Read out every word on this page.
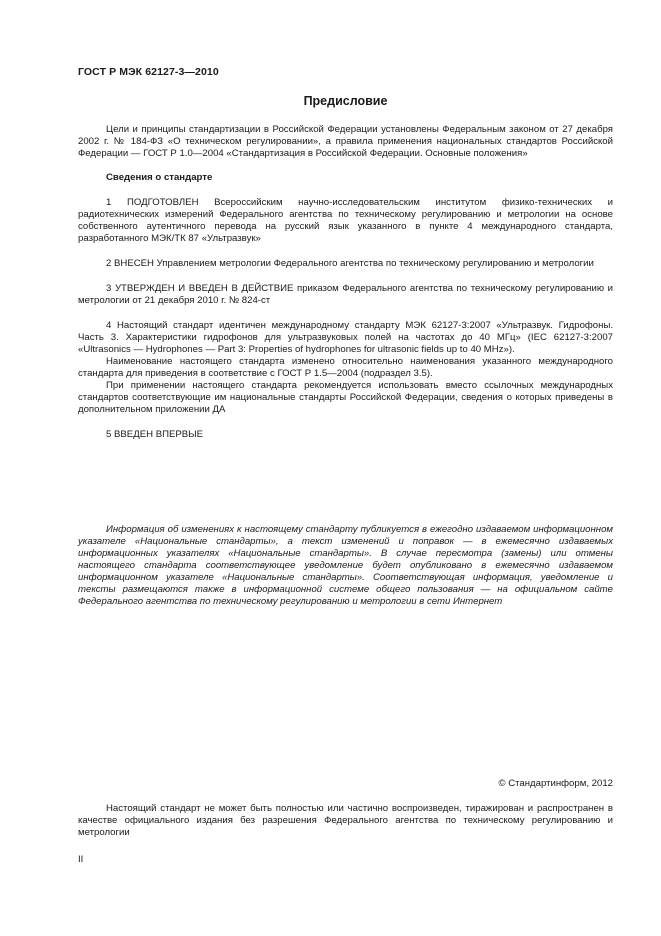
ГОСТ Р МЭК 62127-3—2010
Предисловие

Цели и принципы стандартизации в Российской Федерации установлены Федеральным законом от 27 декабря 2002 г. № 184-ФЗ «О техническом регулировании», а правила применения национальных стандартов Российской Федерации — ГОСТ Р 1.0—2004 «Стандартизация в Российской Федерации. Основные положения»

Сведения о стандарте

1 ПОДГОТОВЛЕН Всероссийским научно-исследовательским институтом физико-технических и радиотехнических измерений Федерального агентства по техническому регулированию и метрологии на основе собственного аутентичного перевода на русский язык указанного в пункте 4 международного стандарта, разработанного МЭК/ТК 87 «Ультразвук»

2 ВНЕСЕН Управлением метрологии Федерального агентства по техническому регулированию и метрологии

3 УТВЕРЖДЕН И ВВЕДЕН В ДЕЙСТВИЕ приказом Федерального агентства по техническому регулированию и метрологии от 21 декабря 2010 г. № 824-ст

4 Настоящий стандарт идентичен международному стандарту МЭК 62127-3:2007 «Ультразвук. Гидрофоны. Часть 3. Характеристики гидрофонов для ультразвуковых полей на частотах до 40 МГц» (IEC 62127-3:2007 «Ultrasonics — Hydrophones — Part 3: Properties of hydrophones for ultrasonic fields up to 40 MHz»).

Наименование настоящего стандарта изменено относительно наименования указанного международного стандарта для приведения в соответствие с ГОСТ Р 1.5—2004 (подраздел 3.5).

При применении настоящего стандарта рекомендуется использовать вместо ссылочных международных стандартов соответствующие им национальные стандарты Российской Федерации, сведения о которых приведены в дополнительном приложении ДА

5 ВВЕДЕН ВПЕРВЫЕ

Информация об изменениях к настоящему стандарту публикуется в ежегодно издаваемом информационном указателе «Национальные стандарты», а текст изменений и поправок — в ежемесячно издаваемых информационных указателях «Национальные стандарты». В случае пересмотра (замены) или отмены настоящего стандарта соответствующее уведомление будет опубликовано в ежемесячно издаваемом информационном указателе «Национальные стандарты». Соответствующая информация, уведомление и тексты размещаются также в информационной системе общего пользования — на официальном сайте Федерального агентства по техническому регулированию и метрологии в сети Интернет

© Стандартинформ, 2012

Настоящий стандарт не может быть полностью или частично воспроизведен, тиражирован и распространен в качестве официального издания без разрешения Федерального агентства по техническому регулированию и метрологии

II
